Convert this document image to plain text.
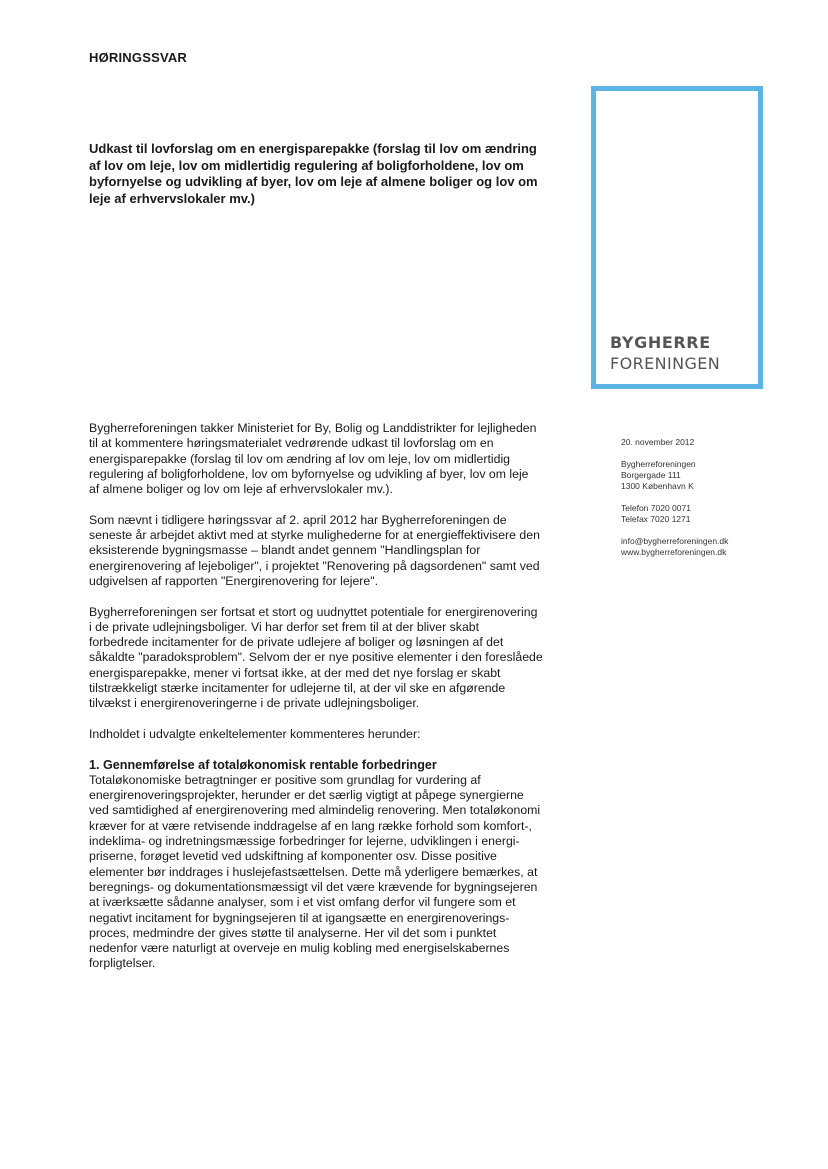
HØRINGSSVAR
Udkast til lovforslag om en energisparepakke (forslag til lov om ændring
af lov om leje, lov om midlertidig regulering af boligforholdene, lov om
byfornyelse og udvikling af byer, lov om leje af almene boliger og lov om
leje af erhvervslokaler mv.)
BYGHERRE
FORENINGEN
20. november 2012
Bygherreforeningen
Borgergade 111
1300 København K
Telefon 7020 0071
Telefax 7020 1271
info@bygherreforeningen.dk
www.bygherreforeningen.dk

Bygherreforeningen takker Ministeriet for By, Bolig og Landdistrikter for lejligheden
til at kommentere høringsmaterialet vedrørende udkast til lovforslag om en
energisparepakke (forslag til lov om ændring af lov om leje, lov om midlertidig
regulering af boligforholdene, lov om byfornyelse og udvikling af byer, lov om leje
af almene boliger og lov om leje af erhvervslokaler mv.).

Som nævnt i tidligere høringssvar af 2. april 2012 har Bygherreforeningen de
seneste år arbejdet aktivt med at styrke mulighederne for at energieffektivisere den
eksisterende bygningsmasse – blandt andet gennem "Handlingsplan for
energirenovering af lejeboliger", i projektet "Renovering på dagsordenen" samt ved
udgivelsen af rapporten "Energirenovering for lejere".

Bygherreforeningen ser fortsat et stort og uudnyttet potentiale for energirenovering
i de private udlejningsboliger. Vi har derfor set frem til at der bliver skabt
forbedrede incitamenter for de private udlejere af boliger og løsningen af det
såkaldte "paradoksproblem". Selvom der er nye positive elementer i den foreslåede
energisparepakke, mener vi fortsat ikke, at der med det nye forslag er skabt
tilstrækkeligt stærke incitamenter for udlejerne til, at der vil ske en afgørende
tilvækst i energirenoveringerne i de private udlejningsboliger.

Indholdet i udvalgte enkeltelementer kommenteres herunder:

1. Gennemførelse af totaløkonomisk rentable forbedringer
Totaløkonomiske betragtninger er positive som grundlag for vurdering af
energirenoveringsprojekter, herunder er det særlig vigtigt at påpege synergierne
ved samtidighed af energirenovering med almindelig renovering. Men totaløkonomi
kræver for at være retvisende inddragelse af en lang række forhold som komfort-,
indeklima- og indretningsmæssige forbedringer for lejerne, udviklingen i energi-
priserne, forøget levetid ved udskiftning af komponenter osv. Disse positive
elementer bør inddrages i huslejefastsættelsen. Dette må yderligere bemærkes, at
beregnings- og dokumentationsmæssigt vil det være krævende for bygningsejeren
at iværksætte sådanne analyser, som i et vist omfang derfor vil fungere som et
negativt incitament for bygningsejeren til at igangsætte en energirenoverings-
proces, medmindre der gives støtte til analyserne. Her vil det som i punktet
nedenfor være naturligt at overveje en mulig kobling med energiselskabernes
forpligtelser.
